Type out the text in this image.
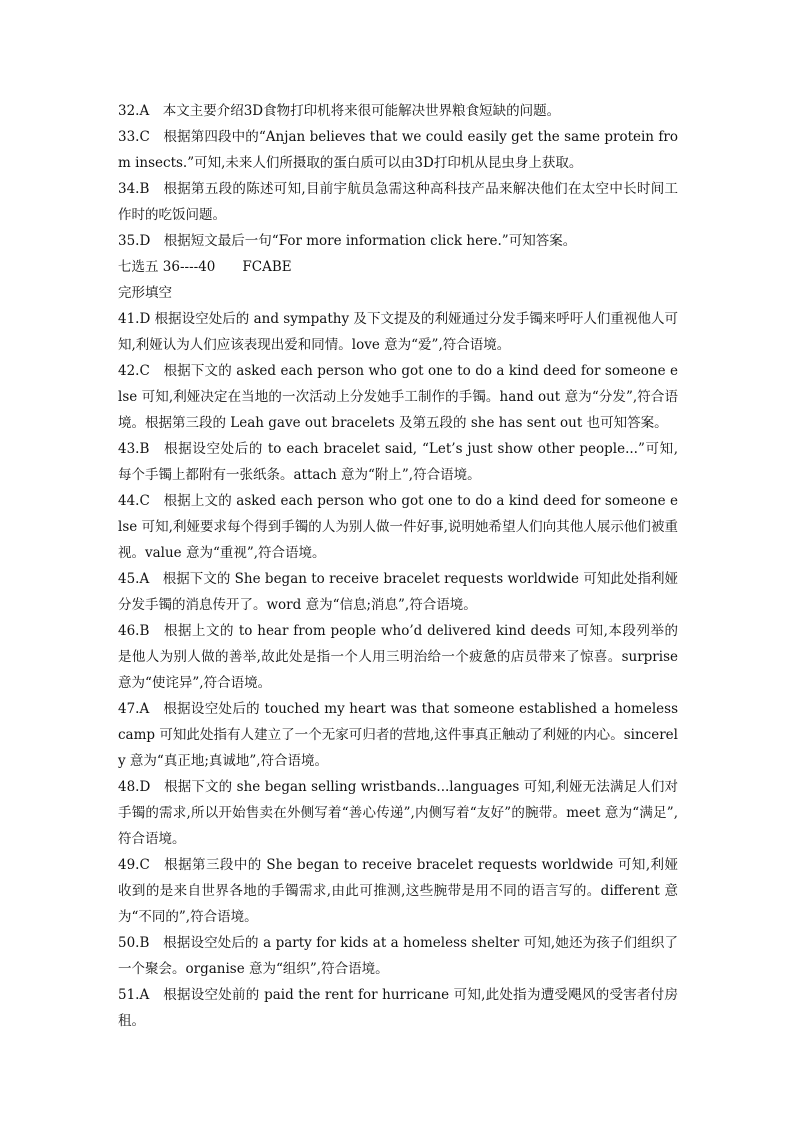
32.A　本文主要介绍3D食物打印机将来很可能解决世界粮食短缺的问题。

33.C　根据第四段中的“Anjan believes that we could easily get the same protein from insects.”可知,未来人们所摄取的蛋白质可以由3D打印机从昆虫身上获取。

34.B　根据第五段的陈述可知,目前宇航员急需这种高科技产品来解决他们在太空中长时间工作时的吃饭问题。

35.D　根据短文最后一句“For more information click here.”可知答案。

七选五 36----40　　FCABE

完形填空

41.D 根据设空处后的 and sympathy 及下文提及的利娅通过分发手镯来呼吁人们重视他人可知,利娅认为人们应该表现出爱和同情。love 意为“爱”,符合语境。

42.C　根据下文的 asked each person who got one to do a kind deed for someone else 可知,利娅决定在当地的一次活动上分发她手工制作的手镯。hand out 意为“分发”,符合语境。根据第三段的 Leah gave out bracelets 及第五段的 she has sent out 也可知答案。

43.B　根据设空处后的 to each bracelet said, “Let’s just show other people...”可知,每个手镯上都附有一张纸条。attach 意为“附上”,符合语境。

44.C　根据上文的 asked each person who got one to do a kind deed for someone else 可知,利娅要求每个得到手镯的人为别人做一件好事,说明她希望人们向其他人展示他们被重视。value 意为“重视”,符合语境。

45.A　根据下文的 She began to receive bracelet requests worldwide 可知此处指利娅分发手镯的消息传开了。word 意为“信息;消息”,符合语境。

46.B　根据上文的 to hear from people who’d delivered kind deeds 可知,本段列举的是他人为别人做的善举,故此处是指一个人用三明治给一个疲惫的店员带来了惊喜。surprise 意为“使诧异”,符合语境。

47.A　根据设空处后的 touched my heart was that someone established a homeless camp 可知此处指有人建立了一个无家可归者的营地,这件事真正触动了利娅的内心。sincerely 意为“真正地;真诚地”,符合语境。

48.D　根据下文的 she began selling wristbands...languages 可知,利娅无法满足人们对手镯的需求,所以开始售卖在外侧写着“善心传递”,内侧写着“友好”的腕带。meet 意为“满足”,符合语境。

49.C　根据第三段中的 She began to receive bracelet requests worldwide 可知,利娅收到的是来自世界各地的手镯需求,由此可推测,这些腕带是用不同的语言写的。different 意为“不同的”,符合语境。

50.B　根据设空处后的 a party for kids at a homeless shelter 可知,她还为孩子们组织了一个聚会。organise 意为“组织”,符合语境。

51.A　根据设空处前的 paid the rent for hurricane 可知,此处指为遭受飓风的受害者付房租。
